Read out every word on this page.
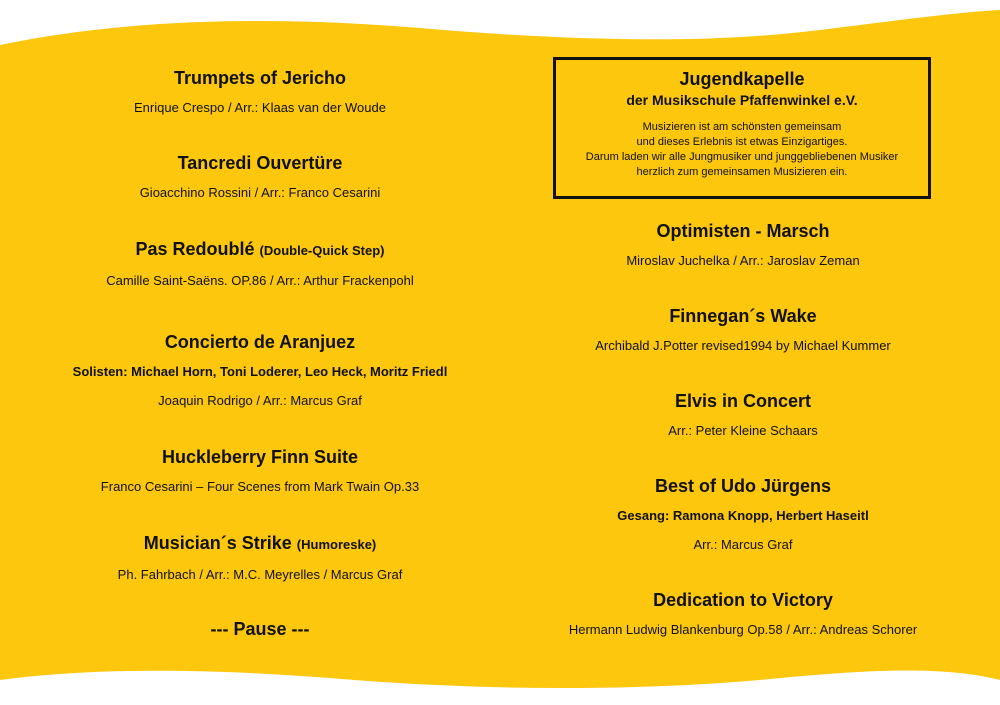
Trumpets of Jericho

Enrique Crespo / Arr.: Klaas van der Woude

Tancredi Ouvertüre

Gioacchino Rossini / Arr.: Franco Cesarini

Pas Redoublé (Double-Quick Step)

Camille Saint-Saëns. OP.86 / Arr.: Arthur Frackenpohl

Concierto de Aranjuez

Solisten: Michael Horn, Toni Loderer, Leo Heck, Moritz Friedl

Joaquin Rodrigo / Arr.: Marcus Graf

Huckleberry Finn Suite

Franco Cesarini – Four Scenes from Mark Twain Op.33

Musician´s Strike (Humoreske)

Ph. Fahrbach / Arr.: M.C. Meyrelles / Marcus Graf

--- Pause ---

Jugendkapelle

der Musikschule Pfaffenwinkel e.V.

Musizieren ist am schönsten gemeinsam

und dieses Erlebnis ist etwas Einzigartiges.

Darum laden wir alle Jungmusiker und junggebliebenen Musiker

herzlich zum gemeinsamen Musizieren ein.

Optimisten - Marsch

Miroslav Juchelka / Arr.: Jaroslav Zeman

Finnegan´s Wake

Archibald J.Potter revised1994 by Michael Kummer

Elvis in Concert

Arr.: Peter Kleine Schaars

Best of Udo Jürgens

Gesang: Ramona Knopp, Herbert Haseitl

Arr.: Marcus Graf

Dedication to Victory

Hermann Ludwig Blankenburg Op.58 / Arr.: Andreas Schorer
